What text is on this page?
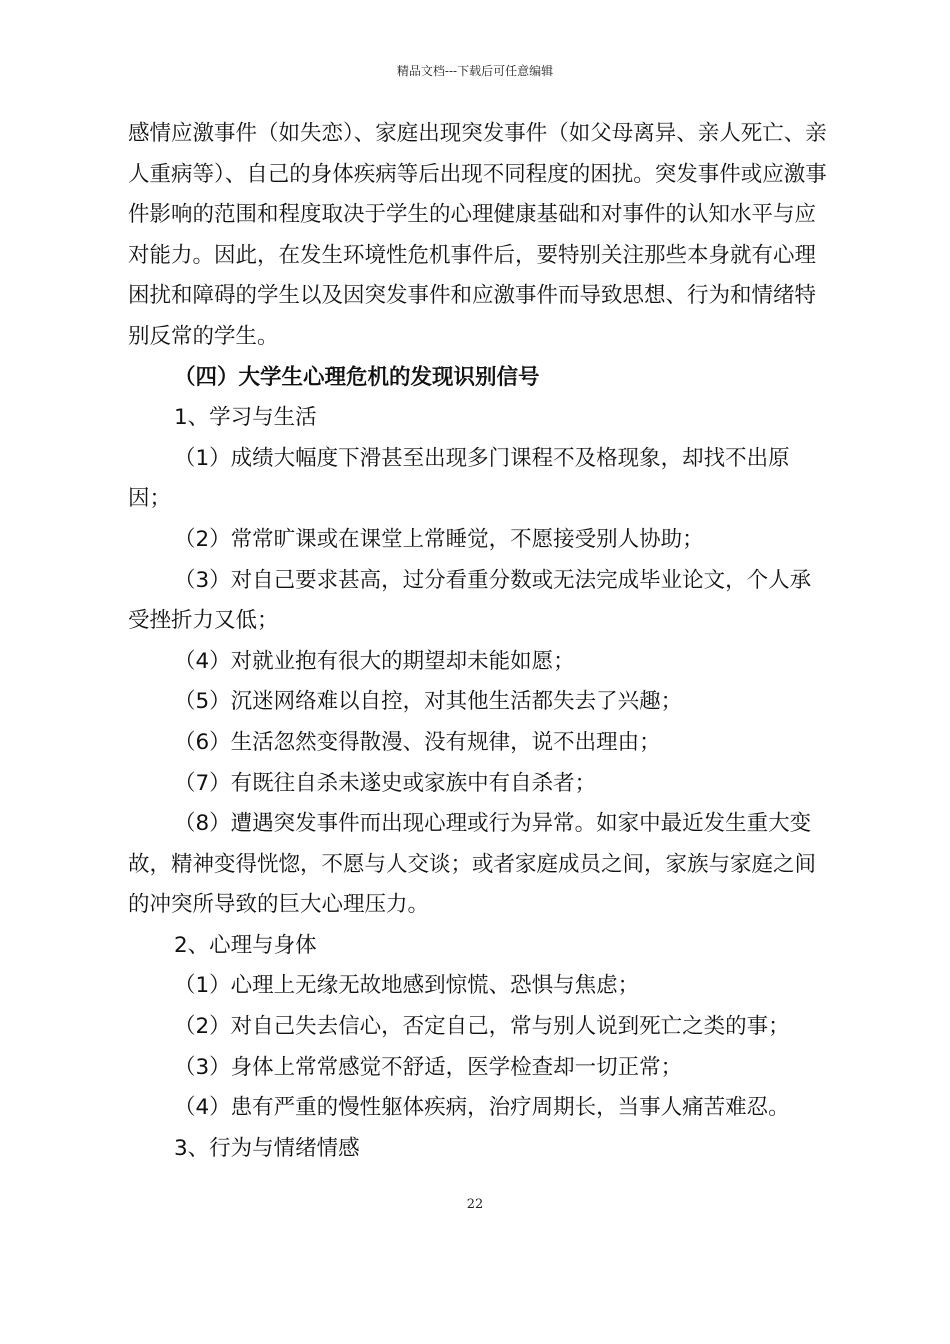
精品文档---下载后可任意编辑

感情应激事件（如失恋）、家庭出现突发事件（如父母离异、亲人死亡、亲人重病等）、自己的身体疾病等后出现不同程度的困扰。突发事件或应激事件影响的范围和程度取决于学生的心理健康基础和对事件的认知水平与应对能力。因此，在发生环境性危机事件后，要特别关注那些本身就有心理困扰和障碍的学生以及因突发事件和应激事件而导致思想、行为和情绪特别反常的学生。

（四）大学生心理危机的发现识别信号

1、学习与生活

（1）成绩大幅度下滑甚至出现多门课程不及格现象，却找不出原因；

（2）常常旷课或在课堂上常睡觉，不愿接受别人协助；

（3）对自己要求甚高，过分看重分数或无法完成毕业论文，个人承受挫折力又低；

（4）对就业抱有很大的期望却未能如愿；

（5）沉迷网络难以自控，对其他生活都失去了兴趣；

（6）生活忽然变得散漫、没有规律，说不出理由；

（7）有既往自杀未遂史或家族中有自杀者；

（8）遭遇突发事件而出现心理或行为异常。如家中最近发生重大变故，精神变得恍惚，不愿与人交谈；或者家庭成员之间，家族与家庭之间的冲突所导致的巨大心理压力。

2、心理与身体

（1）心理上无缘无故地感到惊慌、恐惧与焦虑；

（2）对自己失去信心，否定自己，常与别人说到死亡之类的事；

（3）身体上常常感觉不舒适，医学检查却一切正常；

（4）患有严重的慢性躯体疾病，治疗周期长，当事人痛苦难忍。

3、行为与情绪情感

22
